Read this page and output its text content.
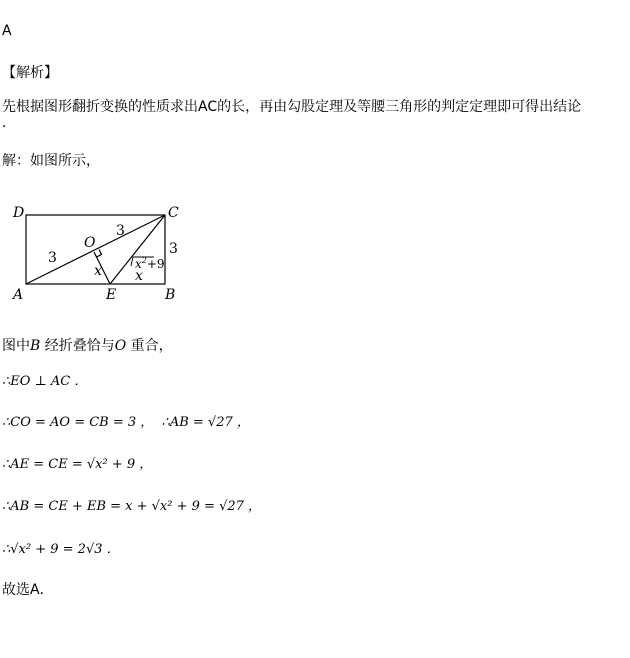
A
【解析】
先根据图形翻折变换的性质求出AC的长，再由勾股定理及等腰三角形的判定定理即可得出结论
．
解：如图所示，
D	C
A	B
E
O
3
3
3
x x
$x^2+9$
图中B 经折叠恰与O 重合，
∴EO ⊥ AC ．
∴CO = AO = CB = 3 ， ∴AB = √27 ，
∴AE = CE = √x² + 9 ，
∴AB = CE + EB = x + √x² + 9 = √27 ，
∴√x² + 9 = 2√3 ．
故选A．
